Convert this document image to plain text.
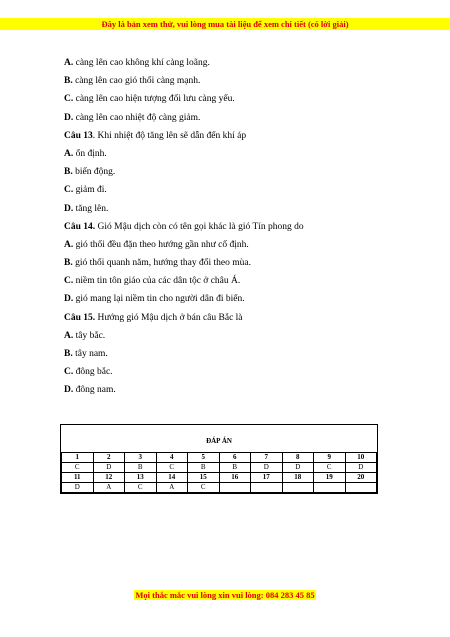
Đây là bản xem thử, vui lòng mua tài liệu để xem chi tiết (có lời giải)
A. càng lên cao không khí càng loãng.
B. càng lên cao gió thổi càng mạnh.
C. càng lên cao hiện tượng đối lưu càng yếu.
D. càng lên cao nhiệt độ càng giảm.
Câu 13. Khi nhiệt độ tăng lên sẽ dẫn đến khí áp
A. ổn định.
B. biến động.
C. giảm đi.
D. tăng lên.
Câu 14. Gió Mậu dịch còn có tên gọi khác là gió Tín phong do
A. gió thổi đều đặn theo hướng gần như cố định.
B. gió thổi quanh năm, hướng thay đổi theo mùa.
C. niềm tin tôn giáo của các dân tộc ở châu Á.
D. gió mang lại niềm tin cho người dân đi biển.
Câu 15. Hướng gió Mậu dịch ở bán câu Bắc là
A. tây bắc.
B. tây nam.
C. đông bắc.
D. đông nam.
ĐÁP ÁN
1	2	3	4	5	6	7	8	9	10
C	D	B	C	B	B	D	D	C	D
11	12	13	14	15	16	17	18	19	20
D	A	C	A	C					
Mọi thắc mắc vui lòng xin vui lòng: 084 283 45 85
